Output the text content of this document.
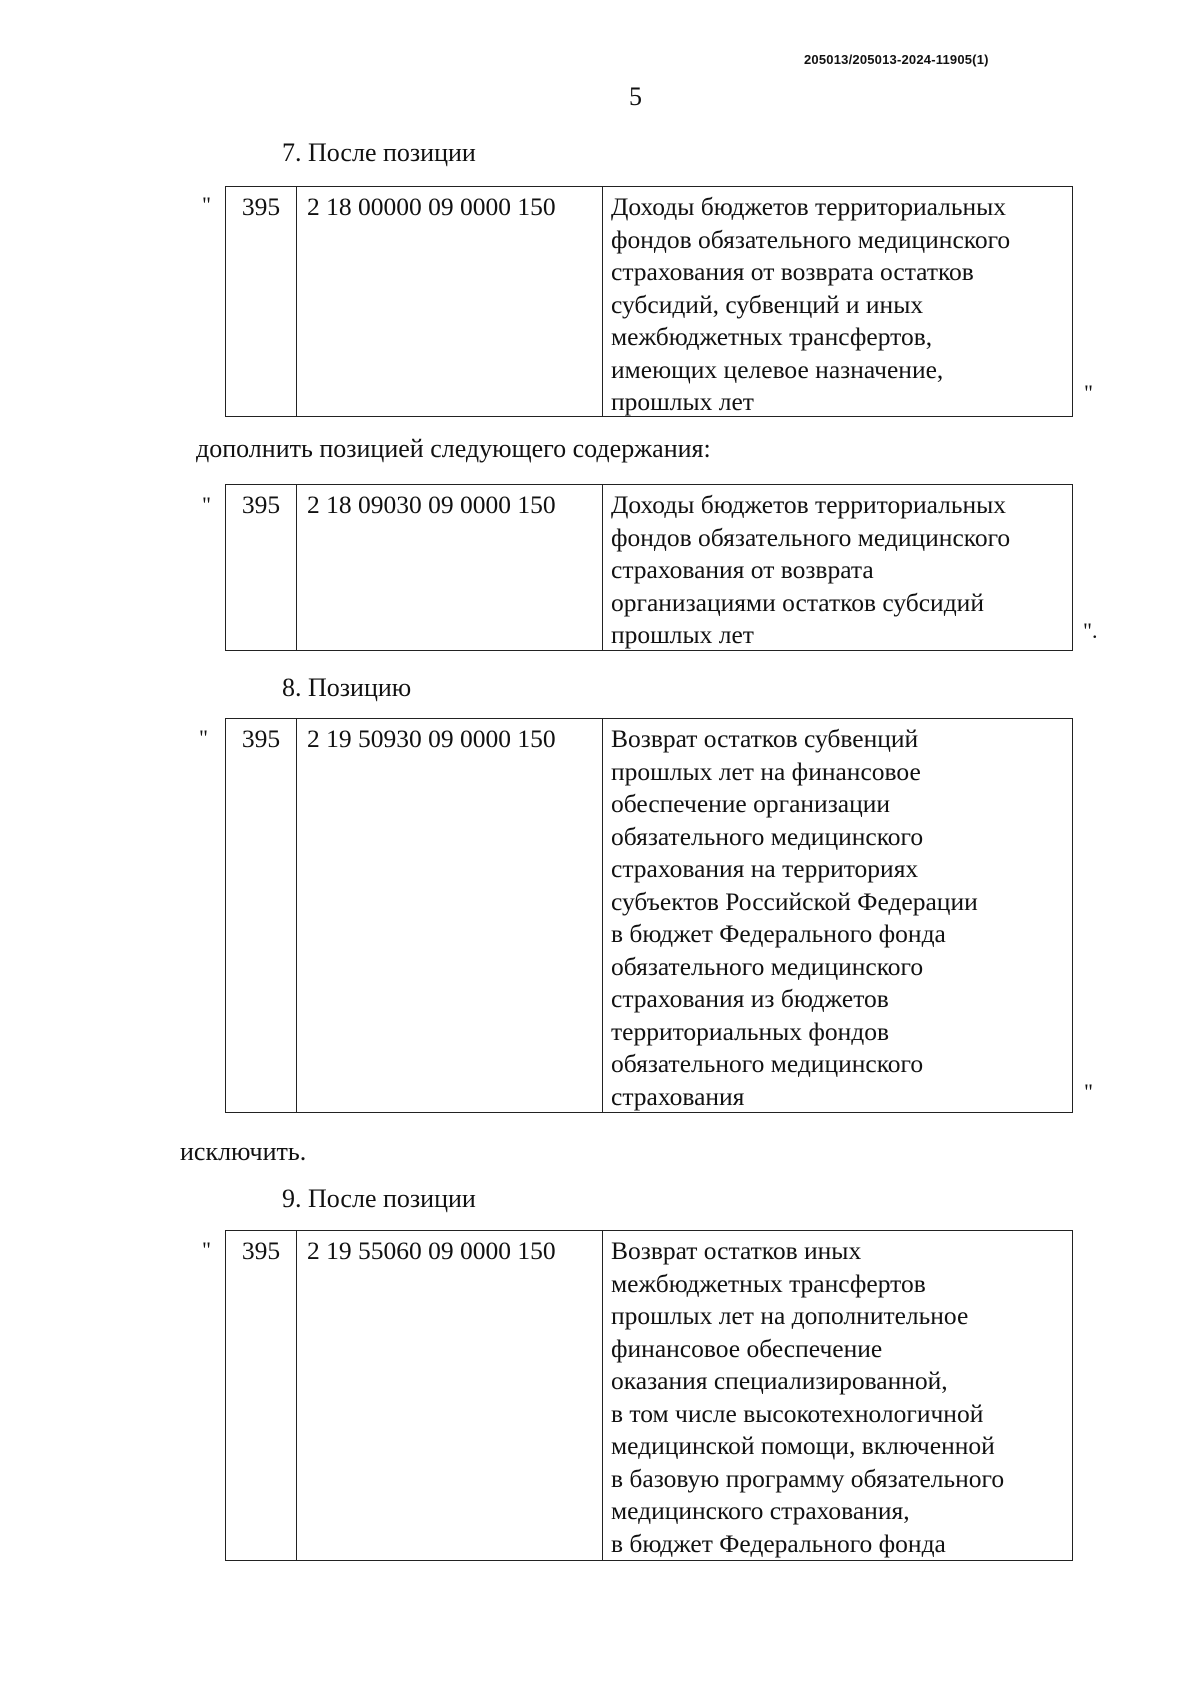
205013/205013-2024-11905(1)
5
7. После позиции
"	395	2 18 00000 09 0000 150	Доходы бюджетов территориальных
фондов обязательного медицинского
страхования от возврата остатков
субсидий, субвенций и иных
межбюджетных трансфертов,
имеющих целевое назначение,
прошлых лет	"
дополнить позицией следующего содержания:
"	395	2 18 09030 09 0000 150	Доходы бюджетов территориальных
фондов обязательного медицинского
страхования от возврата
организациями остатков субсидий
прошлых лет	".
8. Позицию
"	395	2 19 50930 09 0000 150	Возврат остатков субвенций
прошлых лет на финансовое
обеспечение организации
обязательного медицинского
страхования на территориях
субъектов Российской Федерации
в бюджет Федерального фонда
обязательного медицинского
страхования из бюджетов
территориальных фондов
обязательного медицинского
страхования	"
исключить.
9. После позиции
"	395	2 19 55060 09 0000 150	Возврат остатков иных
межбюджетных трансфертов
прошлых лет на дополнительное
финансовое обеспечение
оказания специализированной,
в том числе высокотехнологичной
медицинской помощи, включенной
в базовую программу обязательного
медицинского страхования,
в бюджет Федерального фонда
